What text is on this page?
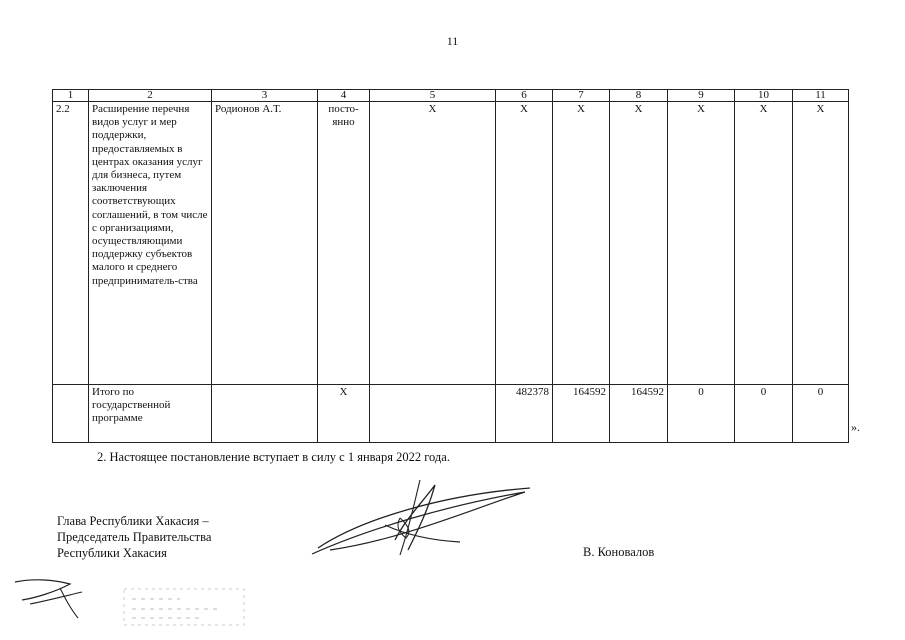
11
1	2	3	4	5	6	7	8	9	10	11
2.2	Расширение перечня видов услуг и мер поддержки, предоставляемых в центрах оказания услуг для бизнеса, путем заключения соответствующих соглашений, в том числе с организациями, осуществляющими поддержку субъектов малого и среднего предприниматель-ства	Родионов А.Т.	посто-янно	Х	Х	Х	Х	Х	Х	Х
	Итого по государственной программе		Х		482378	164592	164592	0	0	0
».
2. Настоящее постановление вступает в силу с 1 января 2022 года.
Глава Республики Хакасия –
Председатель Правительства
Республики Хакасия	В. Коновалов
